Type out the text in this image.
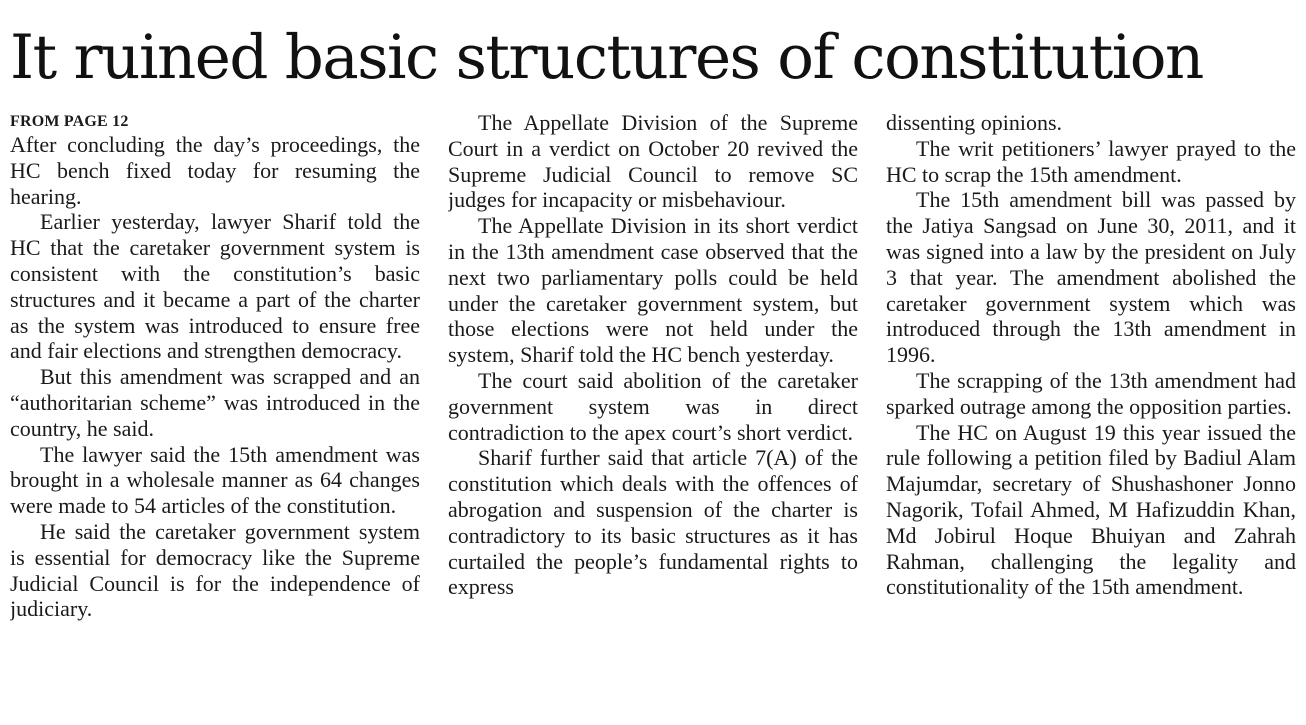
It ruined basic structures of constitution
FROM PAGE 12

After concluding the day’s proceedings, the HC bench fixed today for resuming the hearing.

Earlier yesterday, lawyer Sharif told the HC that the caretaker government system is consistent with the constitution’s basic structures and it became a part of the charter as the system was introduced to ensure free and fair elections and strengthen democracy.

But this amendment was scrapped and an “authoritarian scheme” was introduced in the country, he said.

The lawyer said the 15th amendment was brought in a wholesale manner as 64 changes were made to 54 articles of the constitution.

He said the caretaker government system is essential for democracy like the Supreme Judicial Council is for the independence of judiciary.

The Appellate Division of the Supreme Court in a verdict on October 20 revived the Supreme Judicial Council to remove SC judges for incapacity or misbehaviour.

The Appellate Division in its short verdict in the 13th amendment case observed that the next two parliamentary polls could be held under the caretaker government system, but those elections were not held under the system, Sharif told the HC bench yesterday.

The court said abolition of the caretaker government system was in direct contradiction to the apex court’s short verdict.

Sharif further said that article 7(A) of the constitution which deals with the offences of abrogation and suspension of the charter is contradictory to its basic structures as it has curtailed the people’s fundamental rights to express

dissenting opinions.

The writ petitioners’ lawyer prayed to the HC to scrap the 15th amendment.

The 15th amendment bill was passed by the Jatiya Sangsad on June 30, 2011, and it was signed into a law by the president on July 3 that year. The amendment abolished the caretaker government system which was introduced through the 13th amendment in 1996.

The scrapping of the 13th amendment had sparked outrage among the opposition parties.

The HC on August 19 this year issued the rule following a petition filed by Badiul Alam Majumdar, secretary of Shushashoner Jonno Nagorik, Tofail Ahmed, M Hafizuddin Khan, Md Jobirul Hoque Bhuiyan and Zahrah Rahman, challenging the legality and constitutionality of the 15th amendment.
